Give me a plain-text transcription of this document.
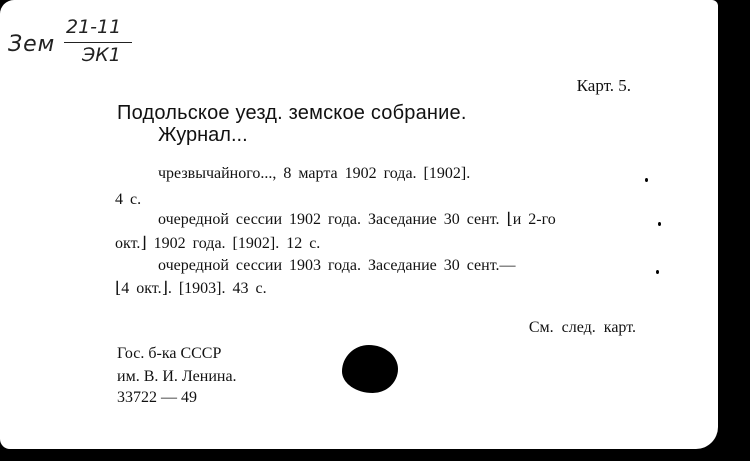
Зем
21-11
ЭК1
Карт. 5.
Подольское уезд. земское собрание.
Журнал...
чрезвычайного..., 8 марта 1902 года. [1902].
4 с.
очередной сессии 1902 года. Заседание 30 сент. ⌊и 2-го
окт.⌋ 1902 года. [1902]. 12 с.
очередной сессии 1903 года. Заседание 30 сент.—
⌊4 окт.⌋. [1903]. 43 с.
См. след. карт.
Гос. б-ка СССР
им. В. И. Ленина.
33722 — 49
